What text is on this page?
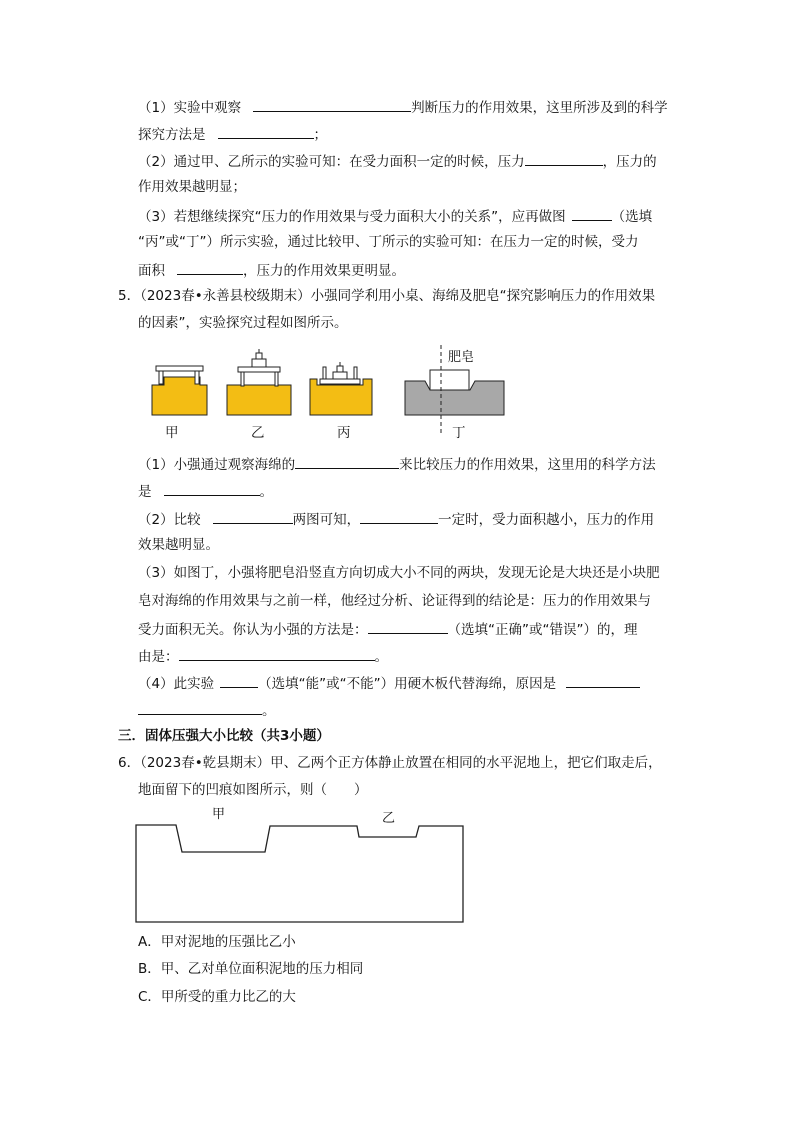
（1）实验中观察	判断压力的作用效果，这里所涉及到的科学
探究方法是	；
（2）通过甲、乙所示的实验可知：在受力面积一定的时候，压力	，压力的
作用效果越明显；
（3）若想继续探究“压力的作用效果与受力面积大小的关系”，应再做图	（选填
“丙”或“丁”）所示实验，通过比较甲、丁所示的实验可知：在压力一定的时候，受力
面积	，压力的作用效果更明显。
5．（2023春•永善县校级期末）小强同学利用小桌、海绵及肥皂“探究影响压力的作用效果
的因素”，实验探究过程如图所示。
肥皂
甲	乙	丙	丁
（1）小强通过观察海绵的	来比较压力的作用效果，这里用的科学方法
是	。
（2）比较	两图可知，	一定时，受力面积越小，压力的作用
效果越明显。
（3）如图丁，小强将肥皂沿竖直方向切成大小不同的两块，发现无论是大块还是小块肥
皂对海绵的作用效果与之前一样，他经过分析、论证得到的结论是：压力的作用效果与
受力面积无关。你认为小强的方法是：	（选填“正确”或“错误”）的，理
由是：	。
（4）此实验	（选填“能”或“不能”）用硬木板代替海绵，原因是
。
三．固体压强大小比较（共3小题）
6．（2023春•乾县期末）甲、乙两个正方体静止放置在相同的水平泥地上，把它们取走后，
地面留下的凹痕如图所示，则（　　）
甲	乙
A．甲对泥地的压强比乙小
B．甲、乙对单位面积泥地的压力相同
C．甲所受的重力比乙的大
